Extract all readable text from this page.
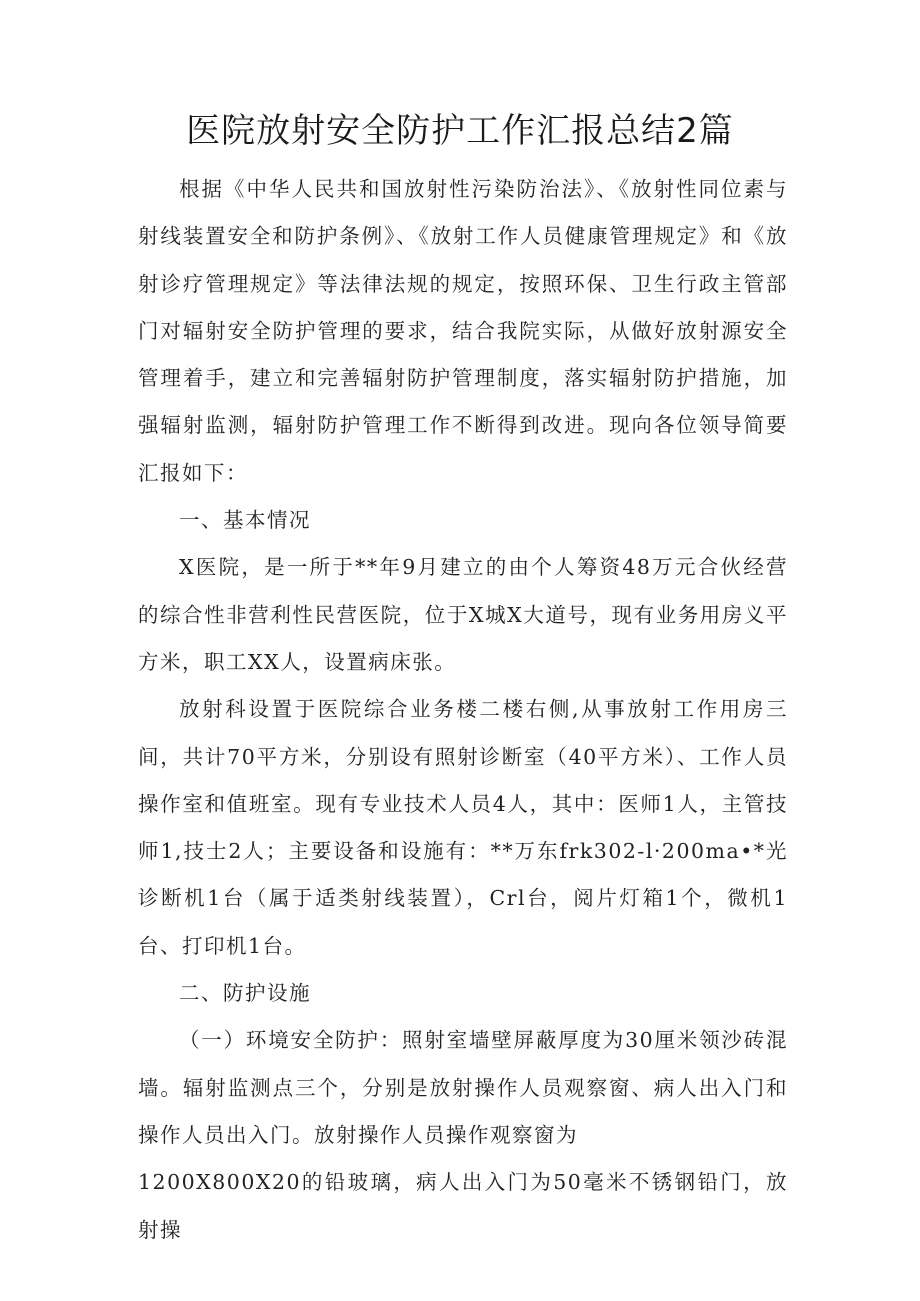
医院放射安全防护工作汇报总结2篇

根据《中华人民共和国放射性污染防治法》、《放射性同位素与射线装置安全和防护条例》、《放射工作人员健康管理规定》和《放射诊疗管理规定》等法律法规的规定，按照环保、卫生行政主管部门对辐射安全防护管理的要求，结合我院实际，从做好放射源安全管理着手，建立和完善辐射防护管理制度，落实辐射防护措施，加强辐射监测，辐射防护管理工作不断得到改进。现向各位领导简要汇报如下：

一、基本情况

X医院，是一所于**年9月建立的由个人筹资48万元合伙经营的综合性非营利性民营医院，位于X城X大道号，现有业务用房义平方米，职工XX人，设置病床张。

放射科设置于医院综合业务楼二楼右侧,从事放射工作用房三间，共计70平方米，分别设有照射诊断室（40平方米）、工作人员操作室和值班室。现有专业技术人员4人，其中：医师1人，主管技师1,技士2人；主要设备和设施有：**万东frk302-l·200ma•*光诊断机1台（属于适类射线装置），Crl台，阅片灯箱1个，微机1台、打印机1台。

二、防护设施

（一）环境安全防护：照射室墙壁屏蔽厚度为30厘米领沙砖混墙。辐射监测点三个，分别是放射操作人员观察窗、病人出入门和操作人员出入门。放射操作人员操作观察窗为

1200X800X20的铅玻璃，病人出入门为50毫米不锈钢铅门，放射操
